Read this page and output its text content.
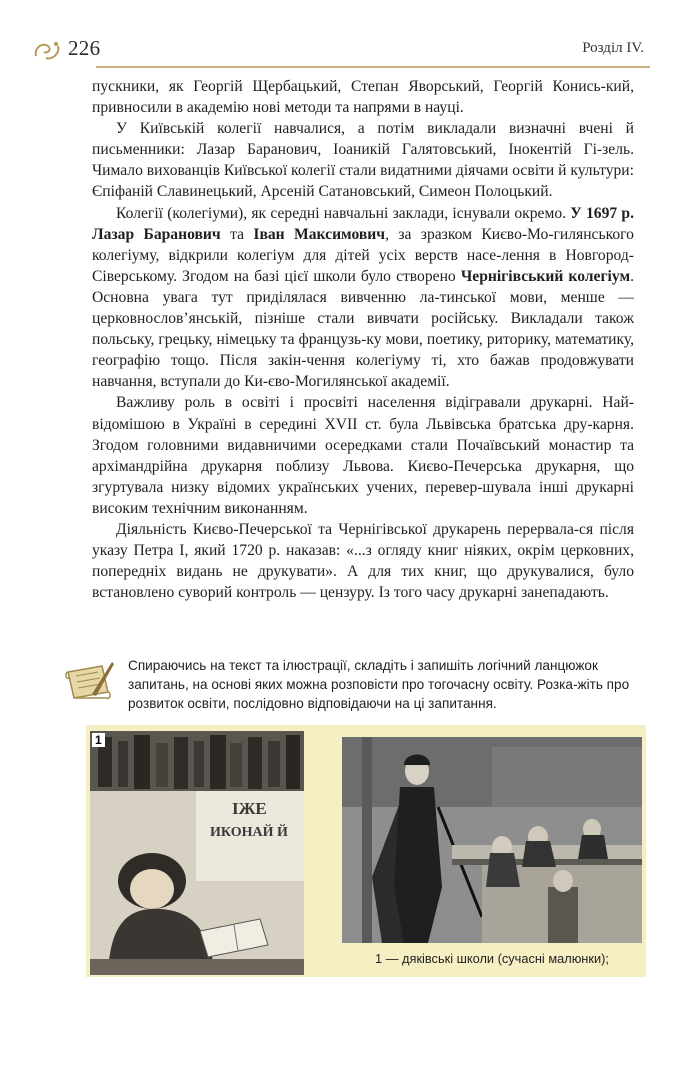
226	Розділ IV.

пускники, як Георгій Щербацький, Степан Яворський, Георгій Конись-кий, привносили в академію нові методи та напрями в науці.

У Київській колегії навчалися, а потім викладали визначні вчені й письменники: Лазар Баранович, Іоаникій Галятовський, Інокентій Гі-зель. Чимало вихованців Київської колегії стали видатними діячами освіти й культури: Єпіфаній Славинецький, Арсеній Сатановський, Симеон Полоцький.

Колегії (колегіуми), як середні навчальні заклади, існували окремо. У 1697 р. Лазар Баранович та Іван Максимович, за зразком Києво-Мо-гилянського колегіуму, відкрили колегіум для дітей усіх верств насе-лення в Новгород-Сіверському. Згодом на базі цієї школи було створено Чернігівський колегіум. Основна увага тут приділялася вивченню ла-тинської мови, менше — церковнослов’янській, пізніше стали вивчати російську. Викладали також польську, грецьку, німецьку та французь-ку мови, поетику, риторику, математику, географію тощо. Після закін-чення колегіуму ті, хто бажав продовжувати навчання, вступали до Ки-єво-Могилянської академії.

Важливу роль в освіті і просвіті населення відігравали друкарні. Най-відомішою в Україні в середині XVII ст. була Львівська братська дру-карня. Згодом головними видавничими осередками стали Почаївський монастир та архімандрійна друкарня поблизу Львова. Києво-Печерська друкарня, що згуртувала низку відомих українських учених, перевер-шувала інші друкарні високим технічним виконанням.

Діяльність Києво-Печерської та Чернігівської друкарень перервала-ся після указу Петра І, який 1720 р. наказав: «...з огляду книг ніяких, окрім церковних, попередніх видань не друкувати». А для тих книг, що друкувалися, було встановлено суворий контроль — цензуру. Із того часу друкарні занепадають.

Спираючись на текст та ілюстрації, складіть і запишіть логічний ланцюжок запитань, на основі яких можна розповісти про тогочасну освіту. Розка-жіть про розвиток освіти, послідовно відповідаючи на ці запитання.
1
ІЖЕ
ИКОНАЙ Й
1 — дяківські школи (сучасні малюнки);
